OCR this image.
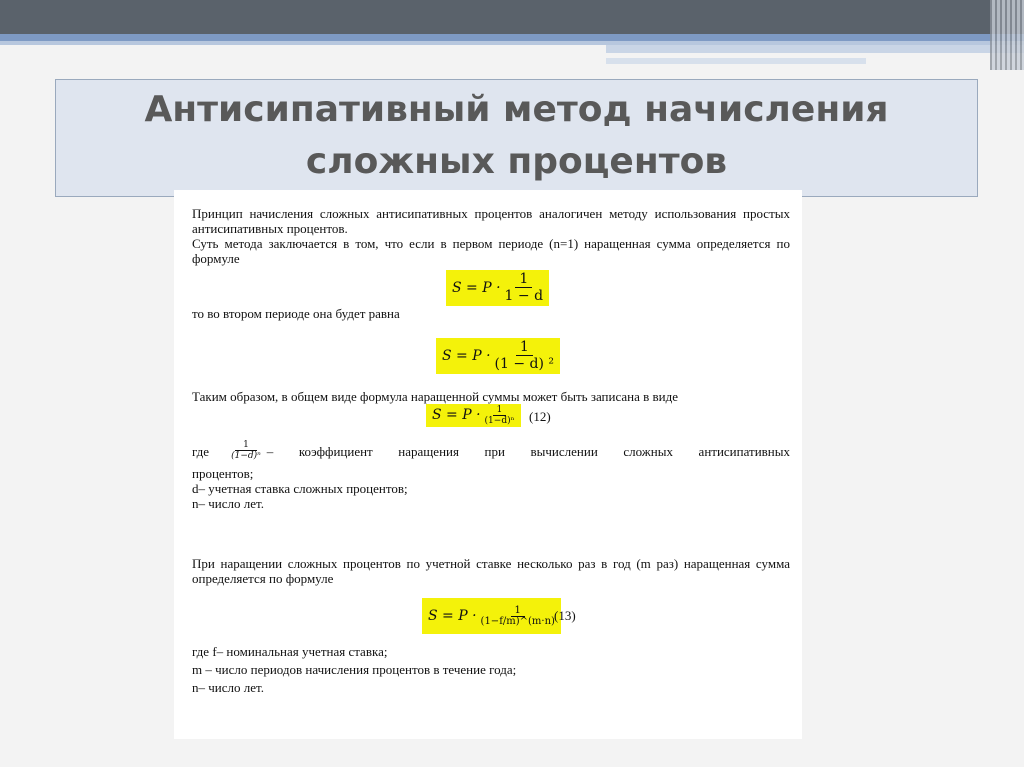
Антисипативный метод начисления
сложных процентов

Принцип начисления сложных антисипативных процентов аналогичен методу использования простых антисипативных процентов.

Суть метода заключается в том, что если в первом периоде (n=1) наращенная сумма определяется по формуле

$S = P \cdot \frac{1}{1 - d}$

то во втором периоде она будет равна

$S = P \cdot \frac{1}{\text{(1 − d) ²}}$

Таким образом, в общем виде формула наращенной суммы может быть записана в виде

$S = P \cdot \frac{1}{\text{(1−d)ⁿ}} (12)$
где $\frac{1}{\text{(1−d)ⁿ}}$ – коэффициент наращения при вычислении сложных антисипативных

процентов;

d– учетная ставка сложных процентов;

n– число лет.

При наращении сложных процентов по учетной ставке несколько раз в год (m раз) наращенная сумма определяется по формуле

$S = P \cdot \frac{1}{(1-f/m)\^{}(m\cdot n)} (13)$

где f– номинальная учетная ставка;

m – число периодов начисления процентов в течение года;

n– число лет.
